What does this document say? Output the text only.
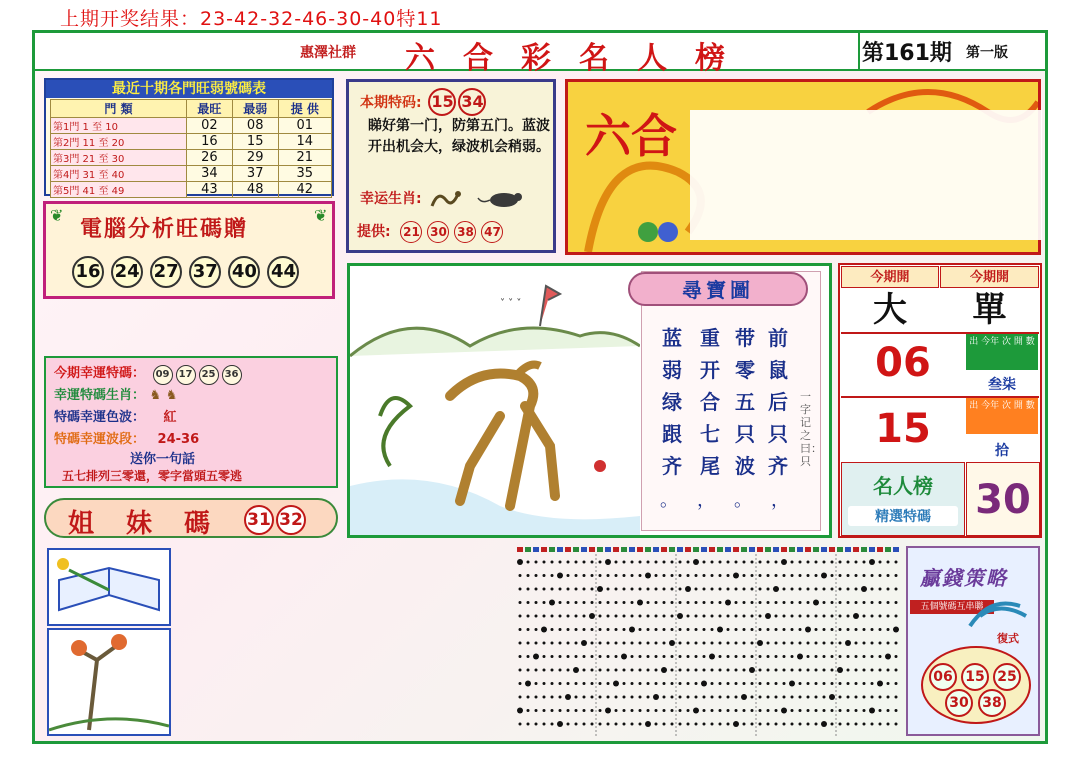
上期开奖结果：23-42-32-46-30-40特11
惠澤社群 六合彩名人榜	第161期 第一版
最近十期各門旺弱號碼表
門 類	最旺	最弱	提 供
第1門 1 至 10	02	08	01
第2門 11 至 20	16	15	14
第3門 21 至 30	26	29	21
第4門 31 至 40	34	37	35
第5門 41 至 49	43	48	42
❦	❦
電腦分析旺碼贈
16 24 27 37 40 44
本期特码: 15 34
睇好第一门，防第五门。蓝波开出机会大，绿波机会稍弱。
幸运生肖:
提供: 21 30 38 47
六合
今期幸運特碼： 09 17 25 36
幸運特碼生肖： ♞ ♞
特碼幸運色波： 紅
特碼幸運波段： 24-36
送你一句話
五七排列三零還，零字當頭五零逃
姐妹碼 31 32
˅ ˅ ˅
尋寶圖
前鼠后只齐
带零五只波
重开合七尾
蓝弱绿跟齐
。，。，
一字记之曰：只
今期開	今期開
大	單
06	出 今年 次 開 數
叁柒
15	出 今年 次 開 數
拾
名人榜
精選特碼	30
贏錢策略
五個號碼互串聯
復式
06 15 25
30 38
